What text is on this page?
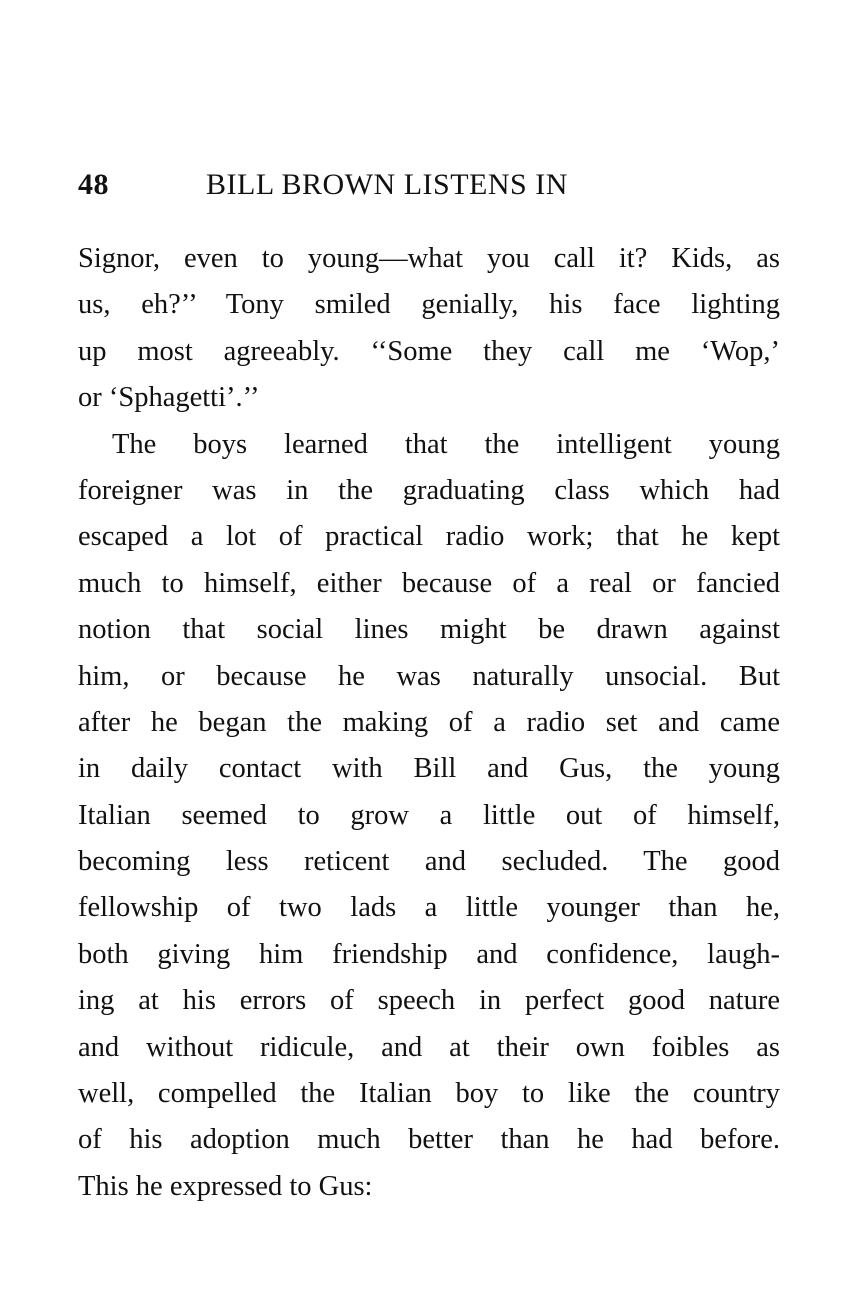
48	BILL BROWN LISTENS IN
Signor, even to young—what you call it? Kids, as
us, eh?’’ Tony smiled genially, his face lighting
up most agreeably. ‘‘Some they call me ‘Wop,’
or ‘Sphagetti’.’’
The boys learned that the intelligent young
foreigner was in the graduating class which had
escaped a lot of practical radio work; that he kept
much to himself, either because of a real or fancied
notion that social lines might be drawn against
him, or because he was naturally unsocial. But
after he began the making of a radio set and came
in daily contact with Bill and Gus, the young
Italian seemed to grow a little out of himself,
becoming less reticent and secluded. The good
fellowship of two lads a little younger than he,
both giving him friendship and confidence, laugh-
ing at his errors of speech in perfect good nature
and without ridicule, and at their own foibles as
well, compelled the Italian boy to like the country
of his adoption much better than he had before.
This he expressed to Gus:
